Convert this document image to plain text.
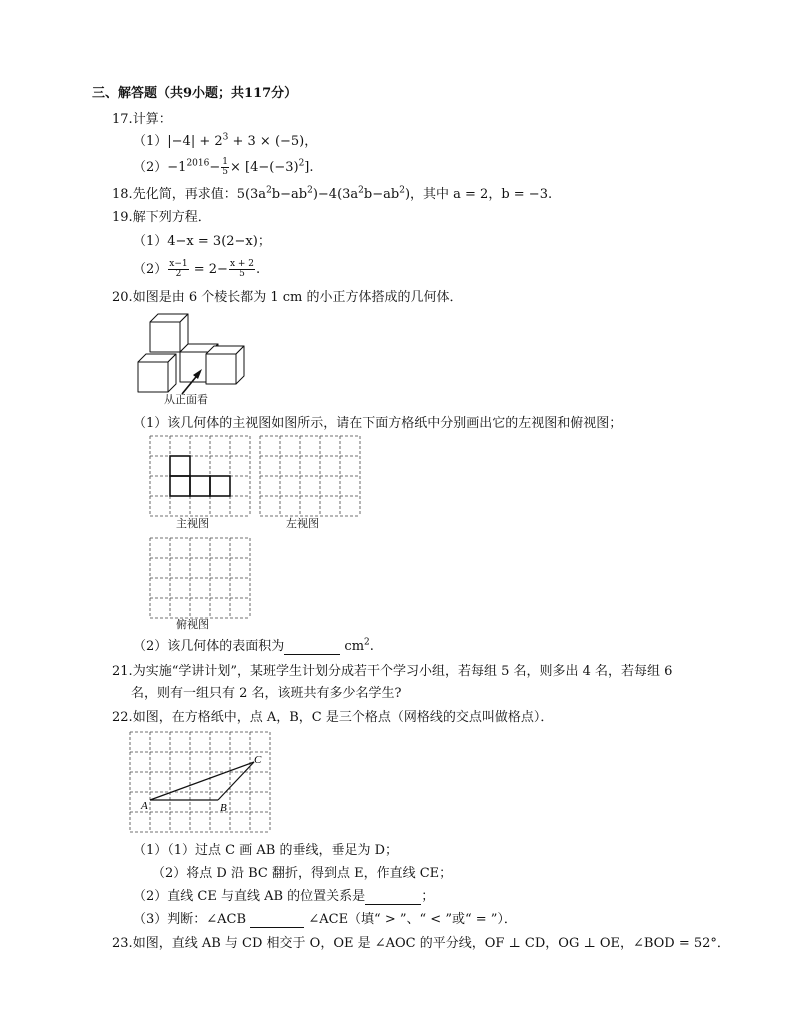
三、解答题（共9小题；共117分）
17.计算：
$(1)|-4| + 2^3 + 3 \times (-5)$，
$(2)-1^{2016}- \frac{1}{5} \times [4-(-3)^2]$.
18.先化简，再求值：$5(3a^2b-ab^2)-4(3a^2b-ab^2)$，其中 a = 2，b = −3.
19.解下列方程．
（1）4−x = 3(2−x)；
$(2) \frac{x-1}{2} = 2- \frac{x + 2}{5}$ .
20.如图是由 6 个棱长都为 1 cm 的小正方体搭成的几何体．
从正面看
（1）该几何体的主视图如图所示，请在下面方格纸中分别画出它的左视图和俯视图；
主视图	左视图
俯视图
（2）该几何体的表面积为	$cm^2$.
21.为实施“学讲计划”，某班学生计划分成若干个学习小组，若每组 5 名，则多出 4 名，若每组 6
名，则有一组只有 2 名，该班共有多少名学生?
22.如图，在方格纸中，点 A，B，C 是三个格点（网格线的交点叫做格点）．
A	B
C
（1）（1）过点 C 画 AB 的垂线，垂足为 D；
（2）将点 D 沿 BC 翻折，得到点 E，作直线 CE；
（2）直线 CE 与直线 AB 的位置关系是	；
（3）判断：∠ACB	∠ACE（填“ > ”、“ < ”或“ = ”）．
23.如图，直线 AB 与 CD 相交于 O，OE 是 ∠AOC 的平分线，OF ⊥ CD，OG ⊥ OE，∠BOD = 52°．
